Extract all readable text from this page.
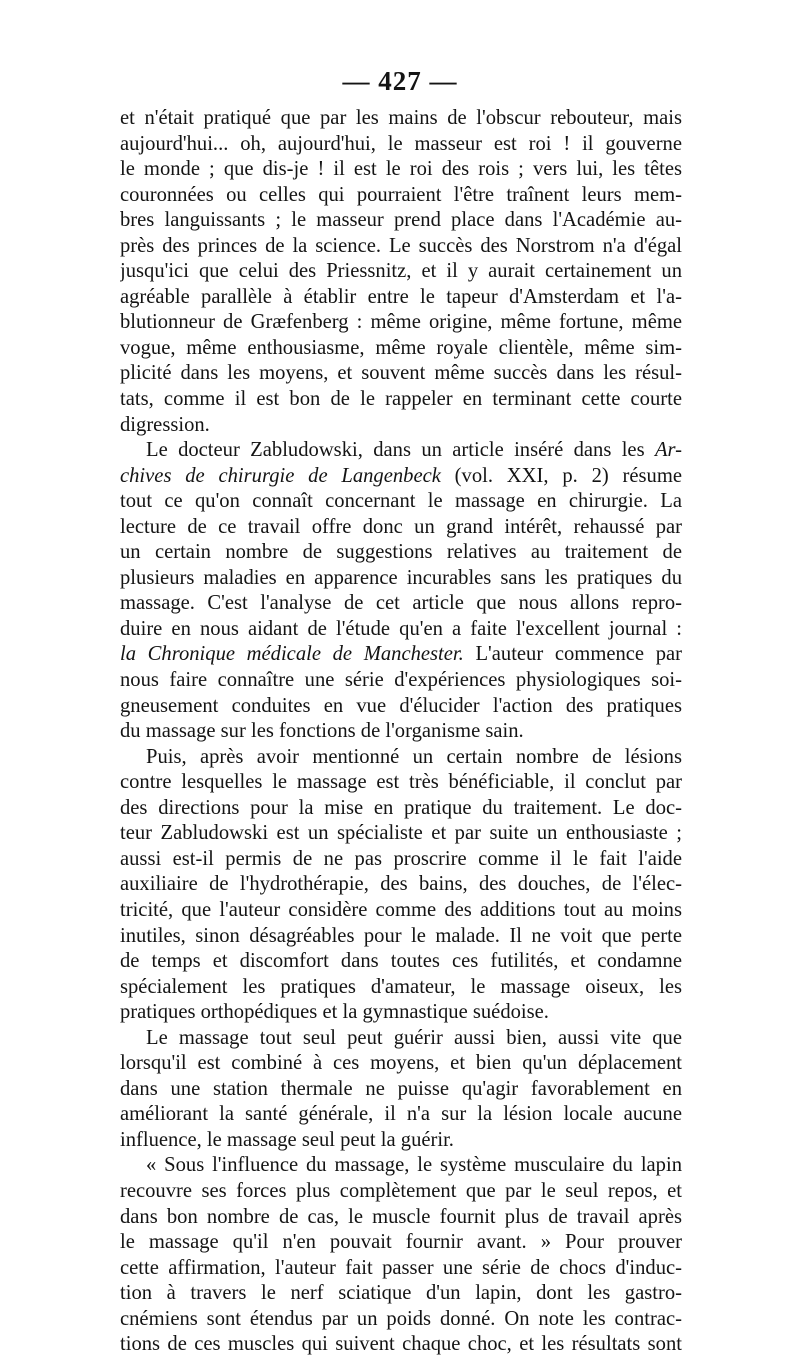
— 427 —
et n'était pratiqué que par les mains de l'obscur rebouteur, mais
aujourd'hui... oh, aujourd'hui, le masseur est roi ! il gouverne
le monde ; que dis-je ! il est le roi des rois ; vers lui, les têtes
couronnées ou celles qui pourraient l'être traînent leurs mem-
bres languissants ; le masseur prend place dans l'Académie au-
près des princes de la science. Le succès des Norstrom n'a d'égal
jusqu'ici que celui des Priessnitz, et il y aurait certainement un
agréable parallèle à établir entre le tapeur d'Amsterdam et l'a-
blutionneur de Græfenberg : même origine, même fortune, même
vogue, même enthousiasme, même royale clientèle, même sim-
plicité dans les moyens, et souvent même succès dans les résul-
tats, comme il est bon de le rappeler en terminant cette courte
digression.
Le docteur Zabludowski, dans un article inséré dans les Ar-
chives de chirurgie de Langenbeck (vol. XXI, p. 2) résume
tout ce qu'on connaît concernant le massage en chirurgie. La
lecture de ce travail offre donc un grand intérêt, rehaussé par
un certain nombre de suggestions relatives au traitement de
plusieurs maladies en apparence incurables sans les pratiques du
massage. C'est l'analyse de cet article que nous allons repro-
duire en nous aidant de l'étude qu'en a faite l'excellent journal :
la Chronique médicale de Manchester. L'auteur commence par
nous faire connaître une série d'expériences physiologiques soi-
gneusement conduites en vue d'élucider l'action des pratiques
du massage sur les fonctions de l'organisme sain.
Puis, après avoir mentionné un certain nombre de lésions
contre lesquelles le massage est très bénéficiable, il conclut par
des directions pour la mise en pratique du traitement. Le doc-
teur Zabludowski est un spécialiste et par suite un enthousiaste ;
aussi est-il permis de ne pas proscrire comme il le fait l'aide
auxiliaire de l'hydrothérapie, des bains, des douches, de l'élec-
tricité, que l'auteur considère comme des additions tout au moins
inutiles, sinon désagréables pour le malade. Il ne voit que perte
de temps et discomfort dans toutes ces futilités, et condamne
spécialement les pratiques d'amateur, le massage oiseux, les
pratiques orthopédiques et la gymnastique suédoise.
Le massage tout seul peut guérir aussi bien, aussi vite que
lorsqu'il est combiné à ces moyens, et bien qu'un déplacement
dans une station thermale ne puisse qu'agir favorablement en
améliorant la santé générale, il n'a sur la lésion locale aucune
influence, le massage seul peut la guérir.
« Sous l'influence du massage, le système musculaire du lapin
recouvre ses forces plus complètement que par le seul repos, et
dans bon nombre de cas, le muscle fournit plus de travail après
le massage qu'il n'en pouvait fournir avant. » Pour prouver
cette affirmation, l'auteur fait passer une série de chocs d'induc-
tion à travers le nerf sciatique d'un lapin, dont les gastro-
cnémiens sont étendus par un poids donné. On note les contrac-
tions de ces muscles qui suivent chaque choc, et les résultats sont
